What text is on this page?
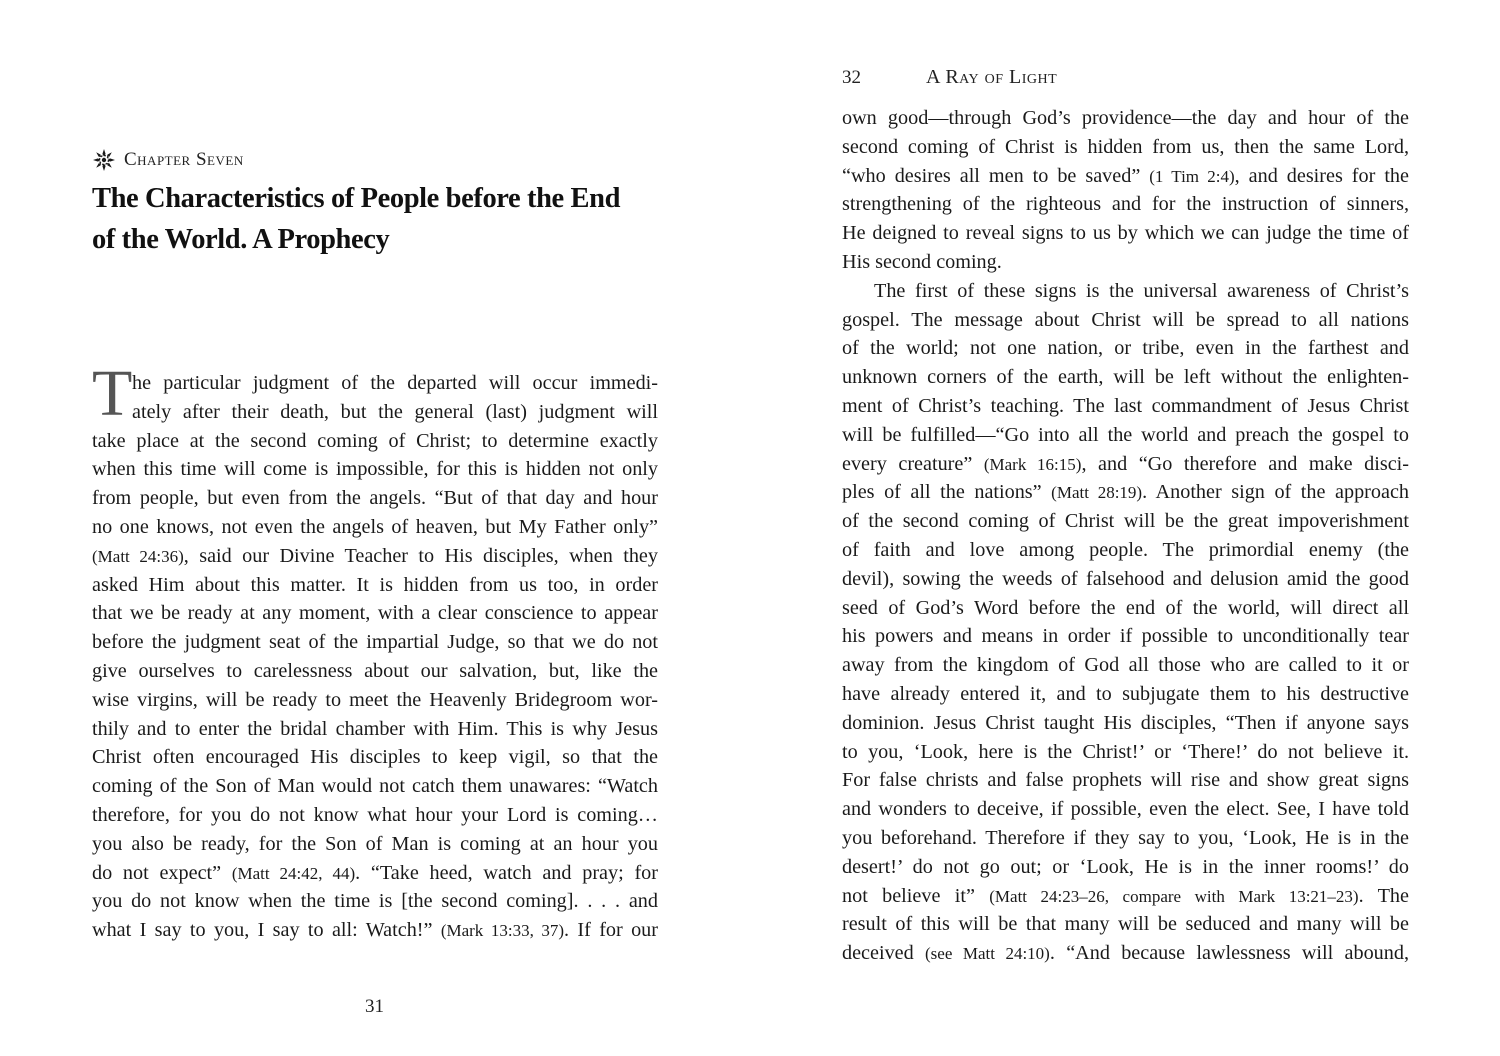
Chapter Seven
The Characteristics of People before the End
of the World. A Prophecy
T he particular judgment of the departed will occur immedi-
ately after their death, but the general (last) judgment will
take place at the second coming of Christ; to determine exactly
when this time will come is impossible, for this is hidden not only
from people, but even from the angels. “But of that day and hour
no one knows, not even the angels of heaven, but My Father only”
(Matt 24:36), said our Divine Teacher to His disciples, when they
asked Him about this matter. It is hidden from us too, in order
that we be ready at any moment, with a clear conscience to appear
before the judgment seat of the impartial Judge, so that we do not
give ourselves to carelessness about our salvation, but, like the
wise virgins, will be ready to meet the Heavenly Bridegroom wor-
thily and to enter the bridal chamber with Him. This is why Jesus
Christ often encouraged His disciples to keep vigil, so that the
coming of the Son of Man would not catch them unawares: “Watch
therefore, for you do not know what hour your Lord is coming…
you also be ready, for the Son of Man is coming at an hour you
do not expect” (Matt 24:42, 44). “Take heed, watch and pray; for
you do not know when the time is [the second coming]. . . . and
what I say to you, I say to all: Watch!” (Mark 13:33, 37). If for our
31
32	A Ray of Light
own good—through God’s providence—the day and hour of the
second coming of Christ is hidden from us, then the same Lord,
“who desires all men to be saved” (1 Tim 2:4), and desires for the
strengthening of the righteous and for the instruction of sinners,
He deigned to reveal signs to us by which we can judge the time of
His second coming.
The first of these signs is the universal awareness of Christ’s
gospel. The message about Christ will be spread to all nations
of the world; not one nation, or tribe, even in the farthest and
unknown corners of the earth, will be left without the enlighten-
ment of Christ’s teaching. The last commandment of Jesus Christ
will be fulfilled—“Go into all the world and preach the gospel to
every creature” (Mark 16:15), and “Go therefore and make disci-
ples of all the nations” (Matt 28:19). Another sign of the approach
of the second coming of Christ will be the great impoverishment
of faith and love among people. The primordial enemy (the
devil), sowing the weeds of falsehood and delusion amid the good
seed of God’s Word before the end of the world, will direct all
his powers and means in order if possible to unconditionally tear
away from the kingdom of God all those who are called to it or
have already entered it, and to subjugate them to his destructive
dominion. Jesus Christ taught His disciples, “Then if anyone says
to you, ‘Look, here is the Christ!’ or ‘There!’ do not believe it.
For false christs and false prophets will rise and show great signs
and wonders to deceive, if possible, even the elect. See, I have told
you beforehand. Therefore if they say to you, ‘Look, He is in the
desert!’ do not go out; or ‘Look, He is in the inner rooms!’ do
not believe it” (Matt 24:23–26, compare with Mark 13:21–23). The
result of this will be that many will be seduced and many will be
deceived (see Matt 24:10). “And because lawlessness will abound,
